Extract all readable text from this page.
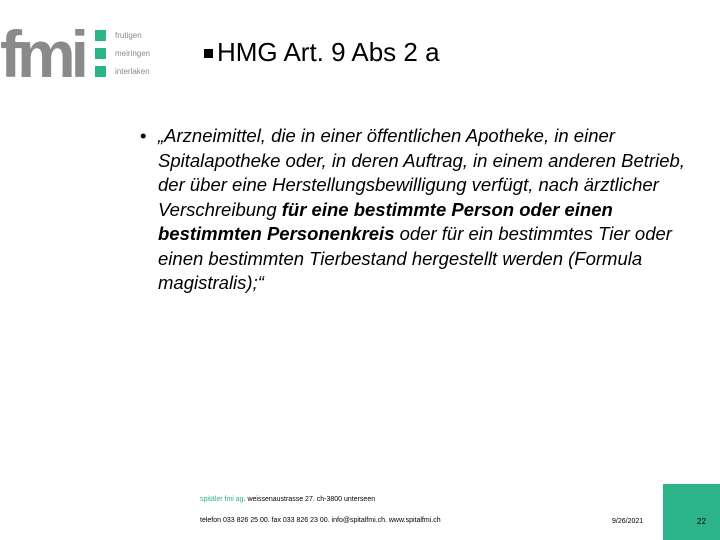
fmi	frutigen
meiringen
interlaken
HMG Art. 9 Abs 2 a
• „Arzneimittel, die in einer öffentlichen Apotheke, in einer Spitalapotheke oder, in deren Auftrag, in einem anderen Betrieb, der über eine Herstellungsbewilligung verfügt, nach ärztlicher Verschreibung für eine bestimmte Person oder einen bestimmten Personenkreis oder für ein bestimmtes Tier oder einen bestimmten Tierbestand hergestellt werden (Formula magistralis);“
spitäler fmi ag. weissenaustrasse 27. ch-3800 unterseen
telefon 033 826 25 00. fax 033 826 23 00. info@spitalfmi.ch. www.spitalfmi.ch	9/26/2021	22
